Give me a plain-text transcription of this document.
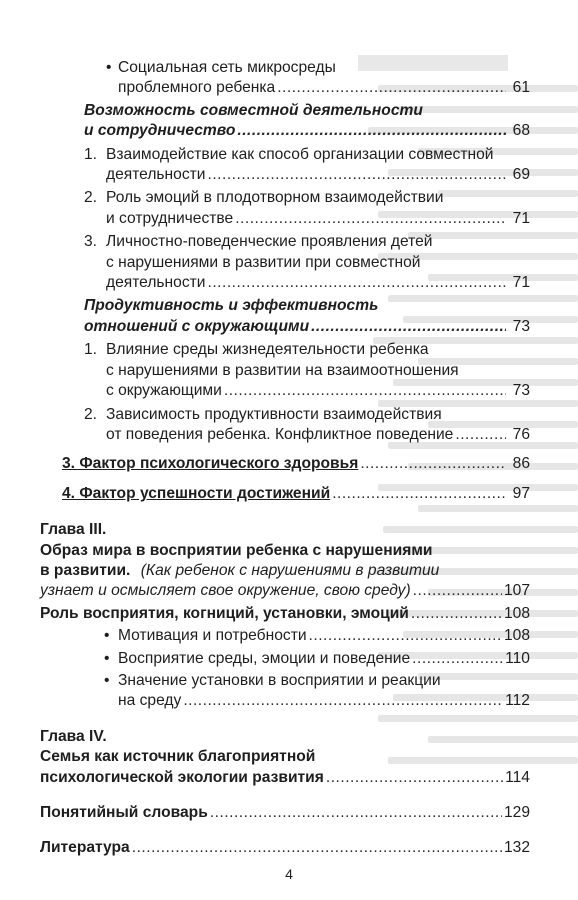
• Социальная сеть микросреды
проблемного ребенка .....	61
Возможность совместной деятельности
и сотрудничество .....	68
1. Взаимодействие как способ организации совместной
деятельности .....	69
2. Роль эмоций в плодотворном взаимодействии
и сотрудничестве .....	71
3. Личностно-поведенческие проявления детей
с нарушениями в развитии при совместной
деятельности .....	71
Продуктивность и эффективность
отношений с окружающими .....	73
1. Влияние среды жизнедеятельности ребенка
с нарушениями в развитии на взаимоотношения
с окружающими .....	73
2. Зависимость продуктивности взаимодействия
от поведения ребенка. Конфликтное поведение .....	76
3. Фактор психологического здоровья .....	86
4. Фактор успешности достижений .....	97
Глава III.
Образ мира в восприятии ребенка с нарушениями
в развитии. (Как ребенок с нарушениями в развитии
узнает и осмысляет свое окружение, свою среду) .....	107
Роль восприятия, когниций, установки, эмоций .....	108
• Мотивация и потребности .....	108
• Восприятие среды, эмоции и поведение .....	110
• Значение установки в восприятии и реакции
на среду .....	112
Глава IV.
Семья как источник благоприятной
психологической экологии развития .....	114
Понятийный словарь .....	129
Литература .....	132
4
